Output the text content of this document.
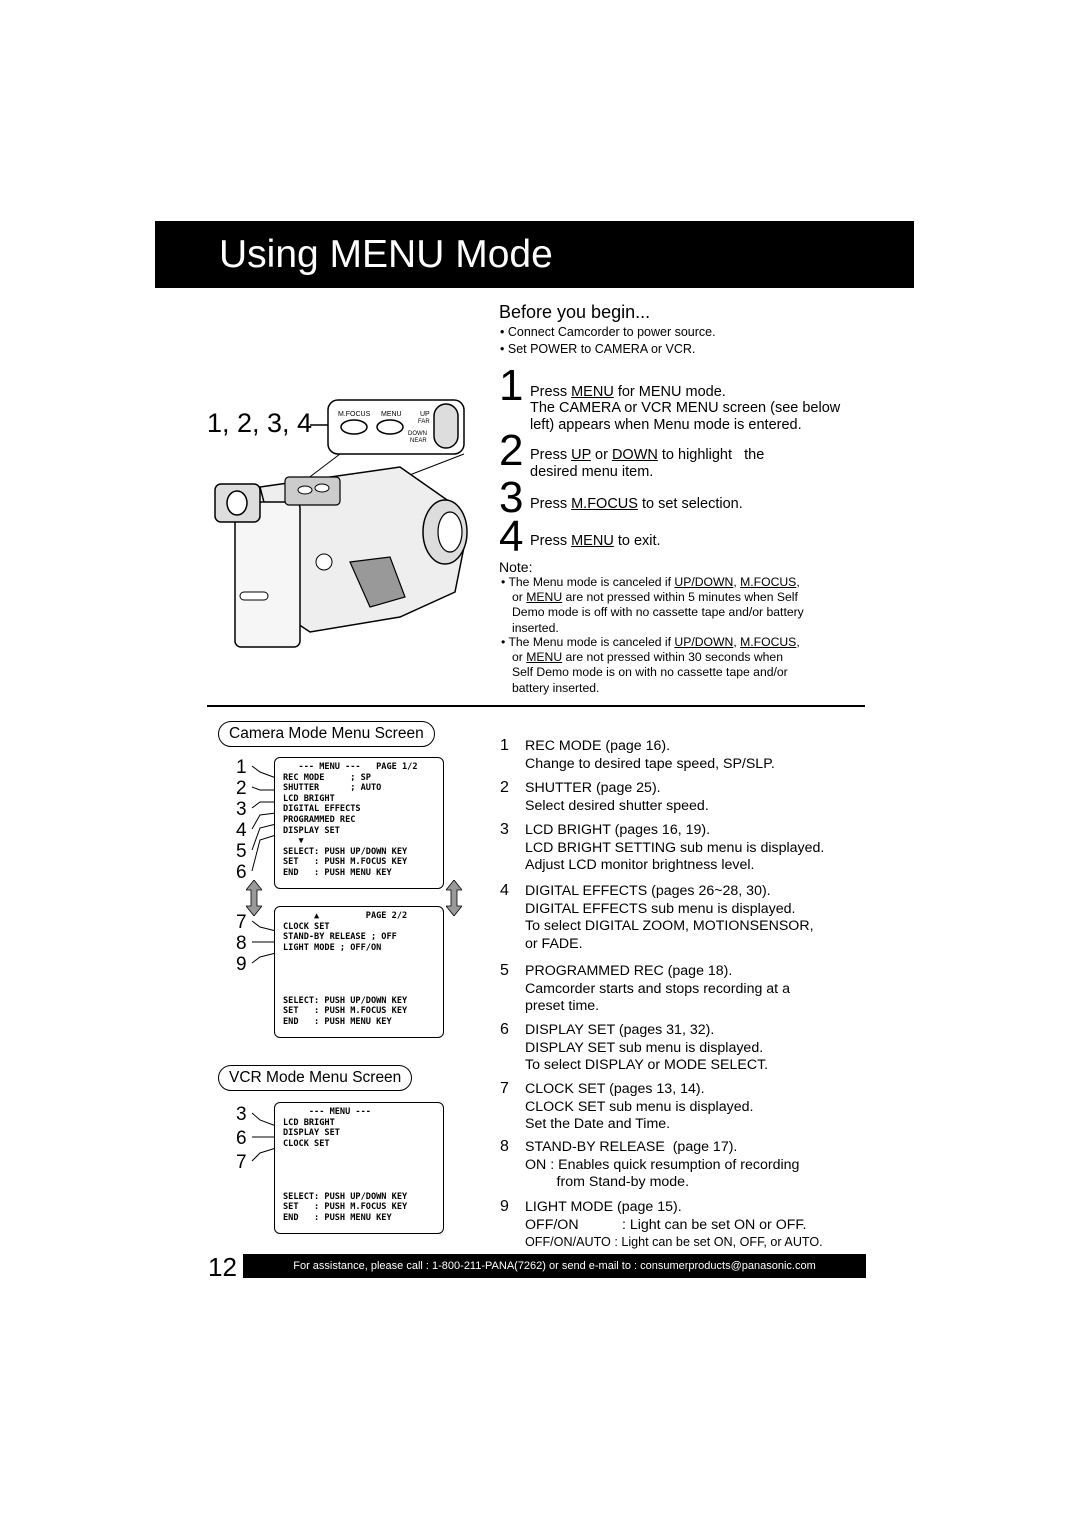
Using MENU Mode
Before you begin...
• Connect Camcorder to power source.
• Set POWER to CAMERA or VCR.
1, 2, 3, 4	M.FOCUS MENU	UP
FAR
DOWN
NEAR
1 Press MENU for MENU mode.
The CAMERA or VCR MENU screen (see below
left) appears when Menu mode is entered.
2 Press UP or DOWN to highlight   the
desired menu item.
3 Press M.FOCUS to set selection.
4 Press MENU to exit.
Note:
• The Menu mode is canceled if UP/DOWN, M.FOCUS,
or MENU are not pressed within 5 minutes when Self
Demo mode is off with no cassette tape and/or battery
inserted.
• The Menu mode is canceled if UP/DOWN, M.FOCUS,
or MENU are not pressed within 30 seconds when
Self Demo mode is on with no cassette tape and/or
battery inserted.
Camera Mode Menu Screen
1
2
3
4
5
6
--- MENU ---   PAGE 1/2
REC MODE     ; SP
SHUTTER      ; AUTO
LCD BRIGHT
DIGITAL EFFECTS
PROGRAMMED REC
DISPLAY SET
▼
SELECT: PUSH UP/DOWN KEY
SET   : PUSH M.FOCUS KEY
END   : PUSH MENU KEY
7
8
9
▲         PAGE 2/2
CLOCK SET
STAND-BY RELEASE ; OFF
LIGHT MODE ; OFF/ON

SELECT: PUSH UP/DOWN KEY
SET   : PUSH M.FOCUS KEY
END   : PUSH MENU KEY
VCR Mode Menu Screen
3
6
7
--- MENU ---
LCD BRIGHT
DISPLAY SET
CLOCK SET

SELECT: PUSH UP/DOWN KEY
SET   : PUSH M.FOCUS KEY
END   : PUSH MENU KEY
1 REC MODE (page 16).
Change to desired tape speed, SP/SLP.
2 SHUTTER (page 25).
Select desired shutter speed.
3 LCD BRIGHT (pages 16, 19).
LCD BRIGHT SETTING sub menu is displayed.
Adjust LCD monitor brightness level.
4 DIGITAL EFFECTS (pages 26~28, 30).
DIGITAL EFFECTS sub menu is displayed.
To select DIGITAL ZOOM, MOTIONSENSOR,
or FADE.
5 PROGRAMMED REC (page 18).
Camcorder starts and stops recording at a
preset time.
6 DISPLAY SET (pages 31, 32).
DISPLAY SET sub menu is displayed.
To select DISPLAY or MODE SELECT.
7 CLOCK SET (pages 13, 14).
CLOCK SET sub menu is displayed.
Set the Date and Time.
8 STAND-BY RELEASE  (page 17).
ON : Enables quick resumption of recording
from Stand-by mode.
9 LIGHT MODE (page 15).
OFF/ON           : Light can be set ON or OFF.
OFF/ON/AUTO : Light can be set ON, OFF, or AUTO.
12	For assistance, please call : 1-800-211-PANA(7262) or send e-mail to : consumerproducts@panasonic.com
